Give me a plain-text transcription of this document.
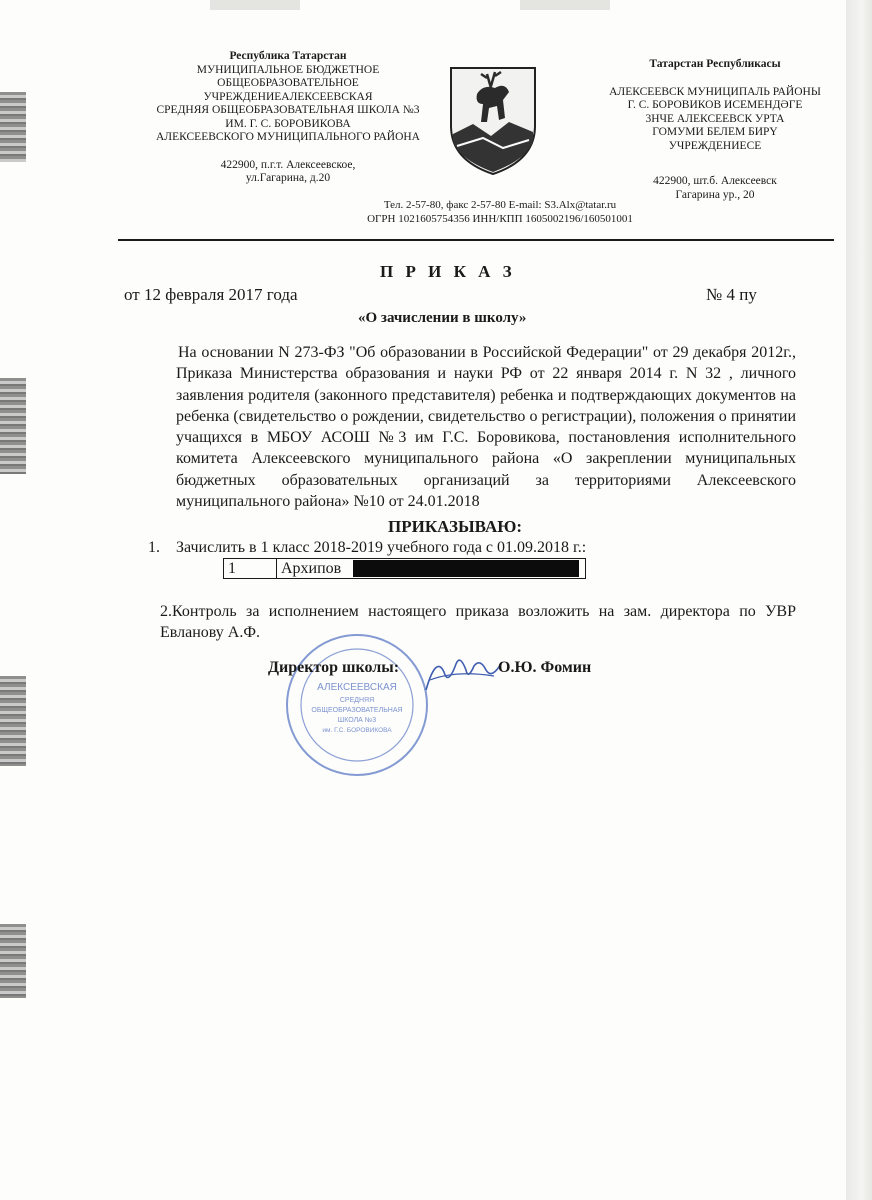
Республика Татарстан
МУНИЦИПАЛЬНОЕ БЮДЖЕТНОЕ
ОБЩЕОБРАЗОВАТЕЛЬНОЕ
УЧРЕЖДЕНИЕАЛЕКСЕЕВСКАЯ
СРЕДНЯЯ ОБЩЕОБРАЗОВАТЕЛЬНАЯ ШКОЛА №3
ИМ. Г. С. БОРОВИКОВА
АЛЕКСЕЕВСКОГО МУНИЦИПАЛЬНОГО РАЙОНА
422900, п.г.т. Алексеевское,
ул.Гагарина, д.20
Татарстан Республикасы
АЛЕКСЕЕВСК МУНИЦИПАЛЬ РАЙОНЫ
Г. С. БОРОВИКОВ ИСЕМЕНДӘГЕ
3НЧЕ АЛЕКСЕЕВСК УРТА
ГОМУМИ БЕЛЕМ БИРҮ
УЧРЕЖДЕНИЕСЕ
422900, шт.б. Алексеевск
Гагарина ур., 20
Тел. 2-57-80, факс 2-57-80 E-mail: S3.Alx@tatar.ru
ОГРН 1021605754356 ИНН/КПП 1605002196/160501001
П Р И К А З
от 12 февраля 2017 года	№ 4 пу
«О зачислении в школу»
На основании N 273-ФЗ "Об образовании в Российской Федерации" от 29 декабря 2012г., Приказа Министерства образования и науки РФ от 22 января 2014 г. N 32 , личного заявления родителя (законного представителя) ребенка и подтверждающих документов на ребенка (свидетельство о рождении, свидетельство о регистрации), положения о принятии учащихся в МБОУ АСОШ №3 им Г.С. Боровикова, постановления исполнительного комитета Алексеевского муниципального района «О закреплении муниципальных бюджетных образовательных организаций за территориями Алексеевского муниципального района» №10 от 24.01.2018
ПРИКАЗЫВАЮ:
1. Зачислить в 1 класс 2018-2019 учебного года с 01.09.2018 г.:
1	Архипов
2.Контроль за исполнением настоящего приказа возложить на зам. директора по УВР Евланову А.Ф.
АЛЕКСЕЕВСКАЯ
СРЕДНЯЯ
ОБЩЕОБРАЗОВАТЕЛЬНАЯ
ШКОЛА №3
им. Г.С. БОРОВИКОВА
Директор школы:	О.Ю. Фомин
